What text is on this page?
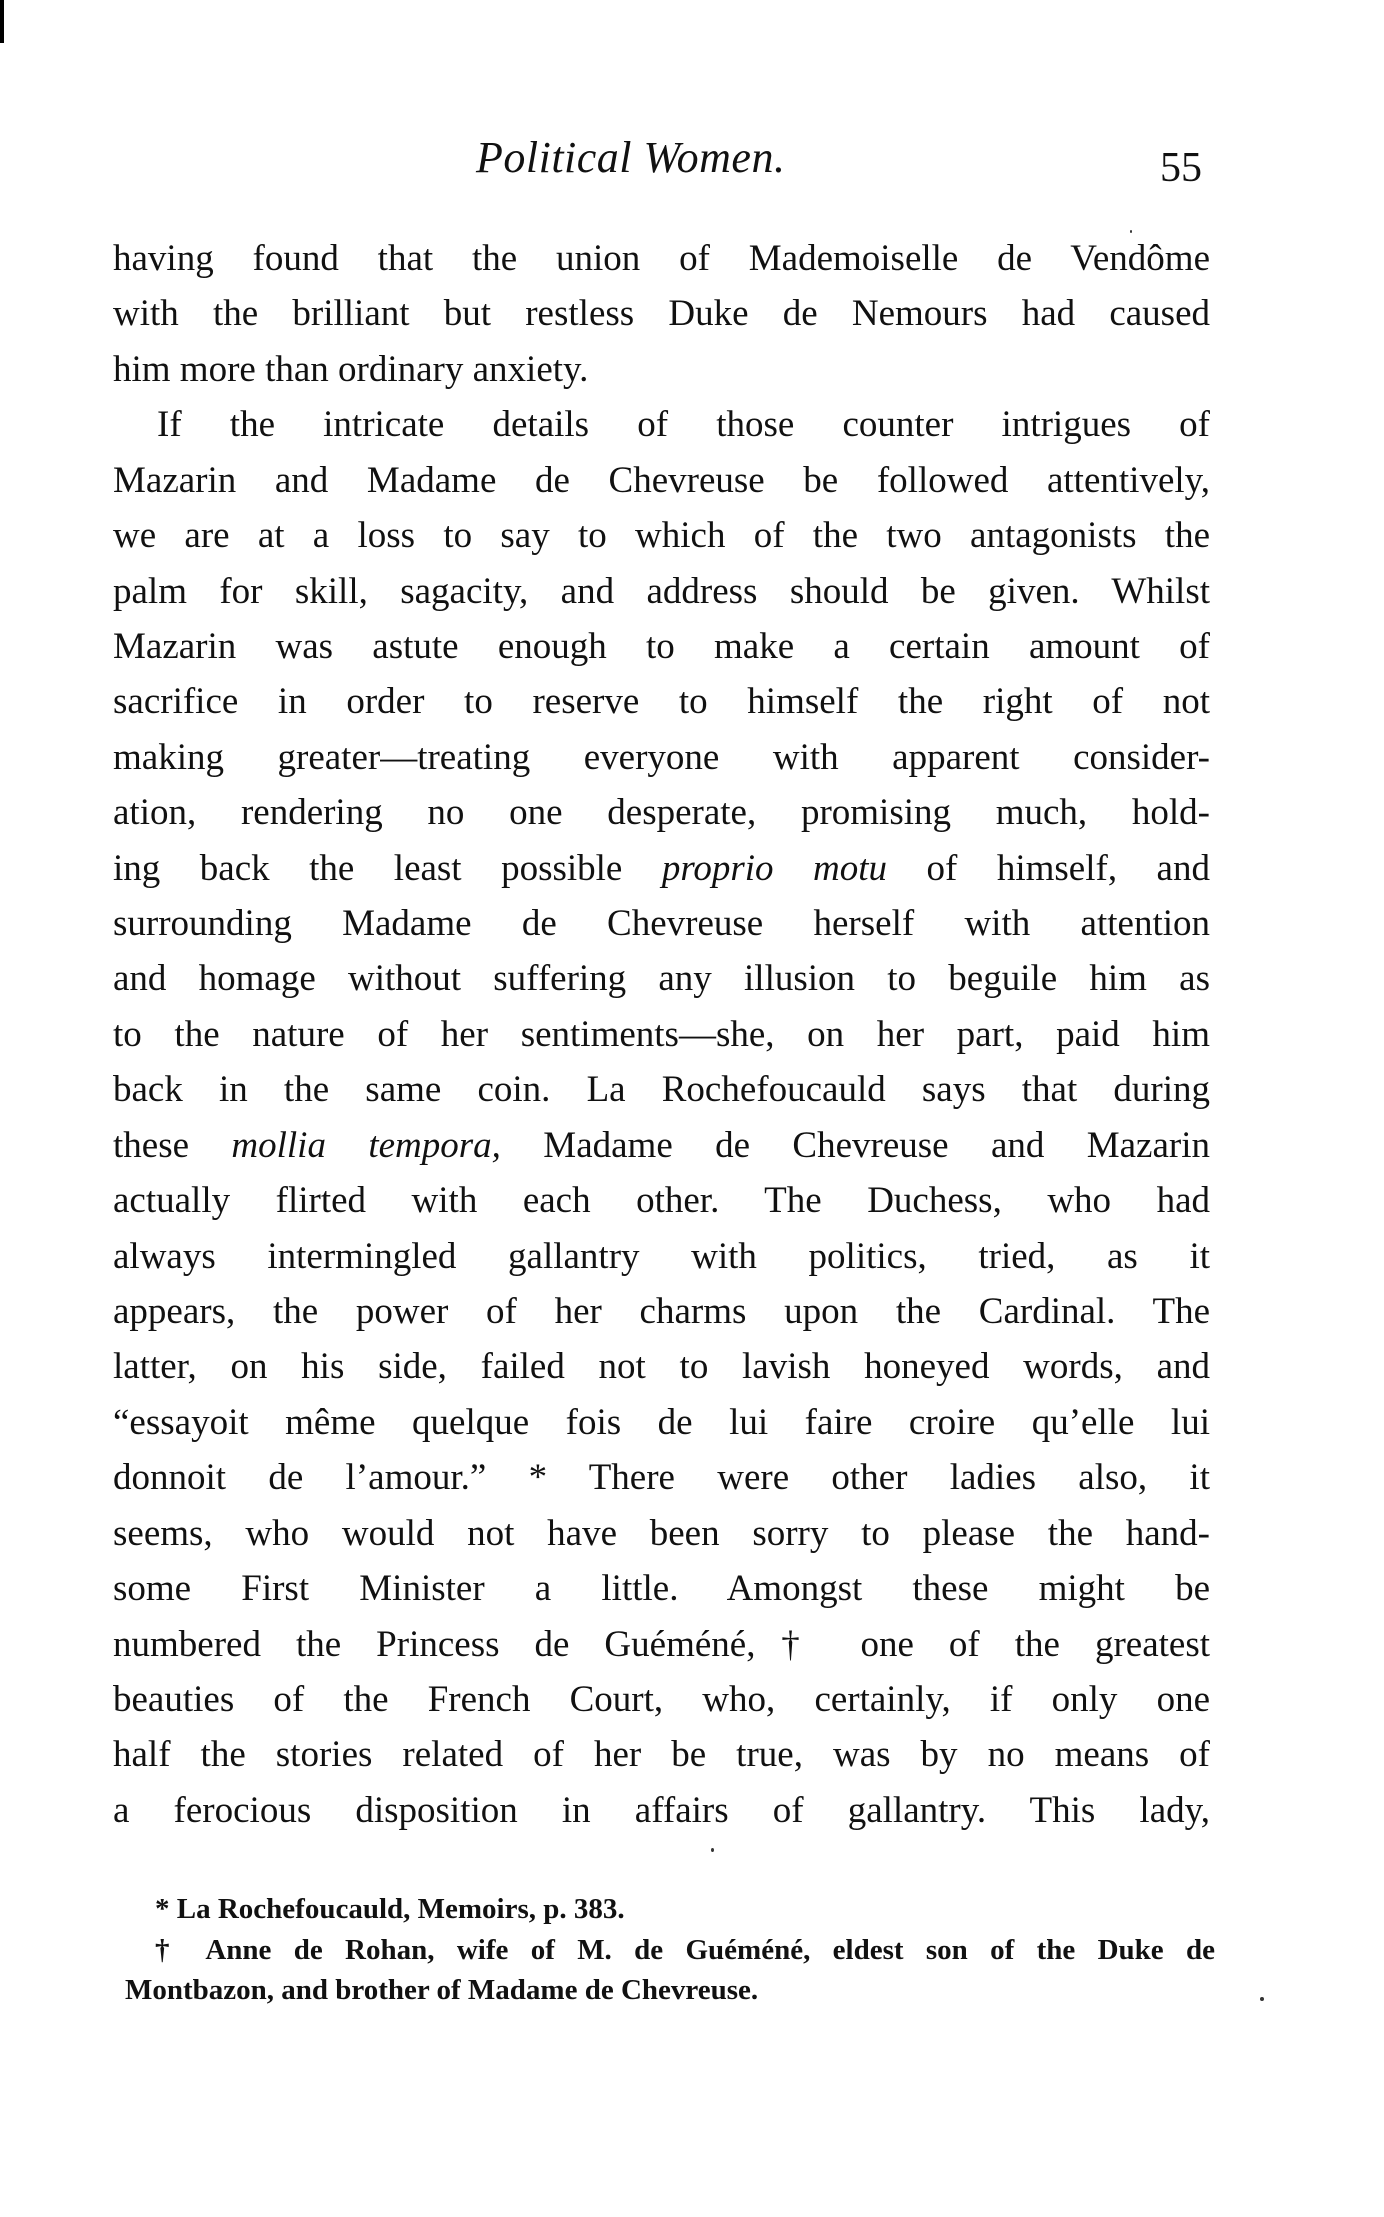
Political Women.	55
having found that the union of Mademoiselle de Vendôme
with the brilliant but restless Duke de Nemours had caused
him more than ordinary anxiety.
If the intricate details of those counter intrigues of
Mazarin and Madame de Chevreuse be followed attentively,
we are at a loss to say to which of the two antagonists the
palm for skill, sagacity, and address should be given. Whilst
Mazarin was astute enough to make a certain amount of
sacrifice in order to reserve to himself the right of not
making greater—treating everyone with apparent consider-
ation, rendering no one desperate, promising much, hold-
ing back the least possible proprio motu of himself, and
surrounding Madame de Chevreuse herself with attention
and homage without suffering any illusion to beguile him as
to the nature of her sentiments—she, on her part, paid him
back in the same coin. La Rochefoucauld says that during
these mollia tempora, Madame de Chevreuse and Mazarin
actually flirted with each other. The Duchess, who had
always intermingled gallantry with politics, tried, as it
appears, the power of her charms upon the Cardinal. The
latter, on his side, failed not to lavish honeyed words, and
“essayoit même quelque fois de lui faire croire qu’elle lui
donnoit de l’amour.” * There were other ladies also, it
seems, who would not have been sorry to please the hand-
some First Minister a little. Amongst these might be
numbered the Princess de Guéméné,† one of the greatest
beauties of the French Court, who, certainly, if only one
half the stories related of her be true, was by no means of
a ferocious disposition in affairs of gallantry. This lady,
* La Rochefoucauld, Memoirs, p. 383.
† Anne de Rohan, wife of M. de Guéméné, eldest son of the Duke de
Montbazon, and brother of Madame de Chevreuse.
